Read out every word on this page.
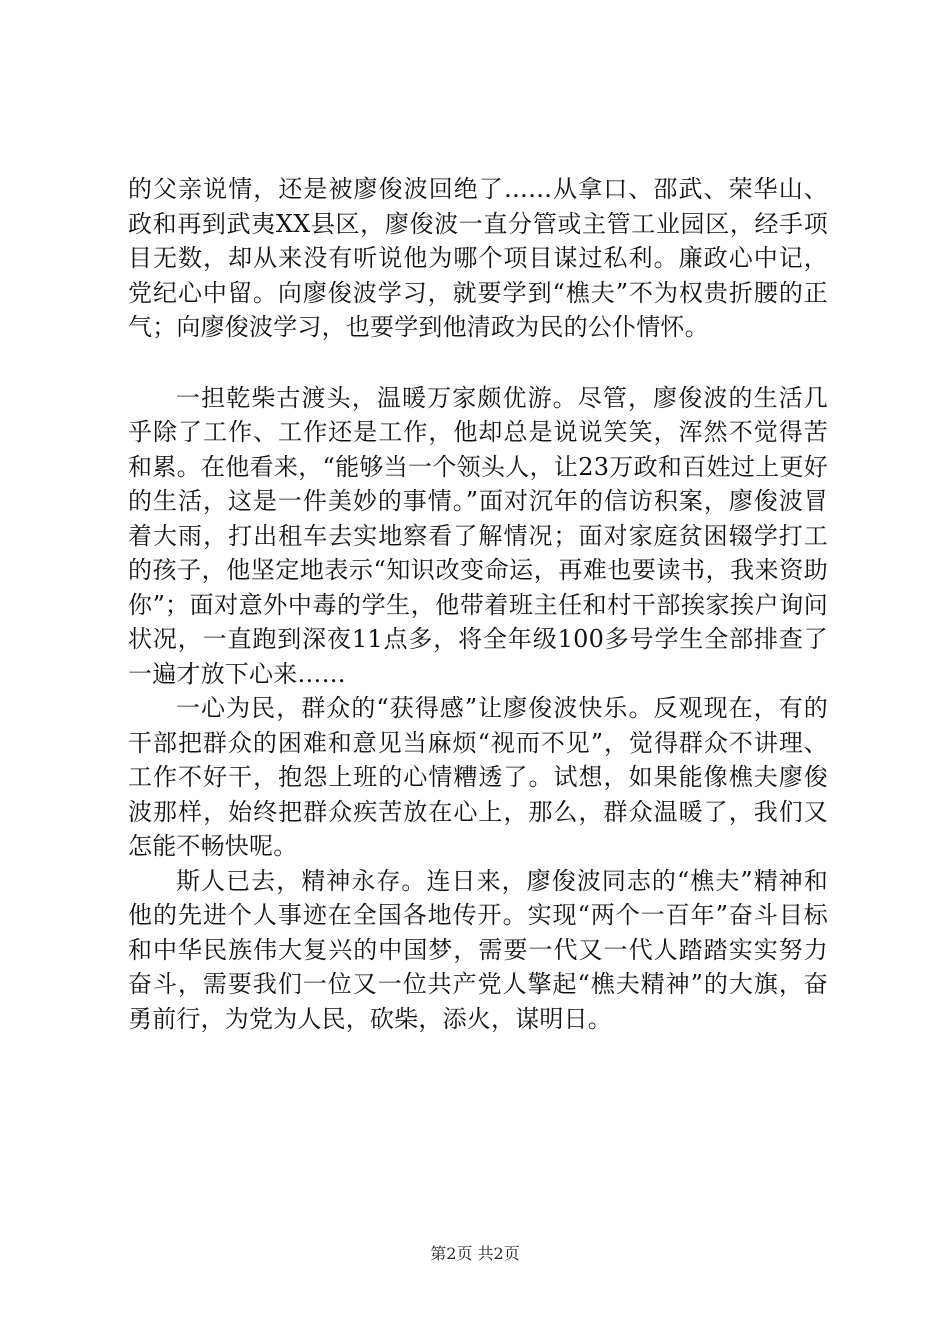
的父亲说情，还是被廖俊波回绝了……从拿口、邵武、荣华山、政和再到武夷XX县区，廖俊波一直分管或主管工业园区，经手项目无数，却从来没有听说他为哪个项目谋过私利。廉政心中记，党纪心中留。向廖俊波学习，就要学到“樵夫”不为权贵折腰的正气；向廖俊波学习，也要学到他清政为民的公仆情怀。

一担乾柴古渡头，温暖万家颇优游。尽管，廖俊波的生活几乎除了工作、工作还是工作，他却总是说说笑笑，浑然不觉得苦和累。在他看来，“能够当一个领头人，让23万政和百姓过上更好的生活，这是一件美妙的事情。”面对沉年的信访积案，廖俊波冒着大雨，打出租车去实地察看了解情况；面对家庭贫困辍学打工的孩子，他坚定地表示“知识改变命运，再难也要读书，我来资助你”；面对意外中毒的学生，他带着班主任和村干部挨家挨户询问状况，一直跑到深夜11点多，将全年级100多号学生全部排查了一遍才放下心来……

一心为民，群众的“获得感”让廖俊波快乐。反观现在，有的干部把群众的困难和意见当麻烦“视而不见”，觉得群众不讲理、工作不好干，抱怨上班的心情糟透了。试想，如果能像樵夫廖俊波那样，始终把群众疾苦放在心上，那么，群众温暖了，我们又怎能不畅快呢。

斯人已去，精神永存。连日来，廖俊波同志的“樵夫”精神和他的先进个人事迹在全国各地传开。实现“两个一百年”奋斗目标和中华民族伟大复兴的中国梦，需要一代又一代人踏踏实实努力奋斗，需要我们一位又一位共产党人擎起“樵夫精神”的大旗，奋勇前行，为党为人民，砍柴，添火，谋明日。

第2页 共2页
